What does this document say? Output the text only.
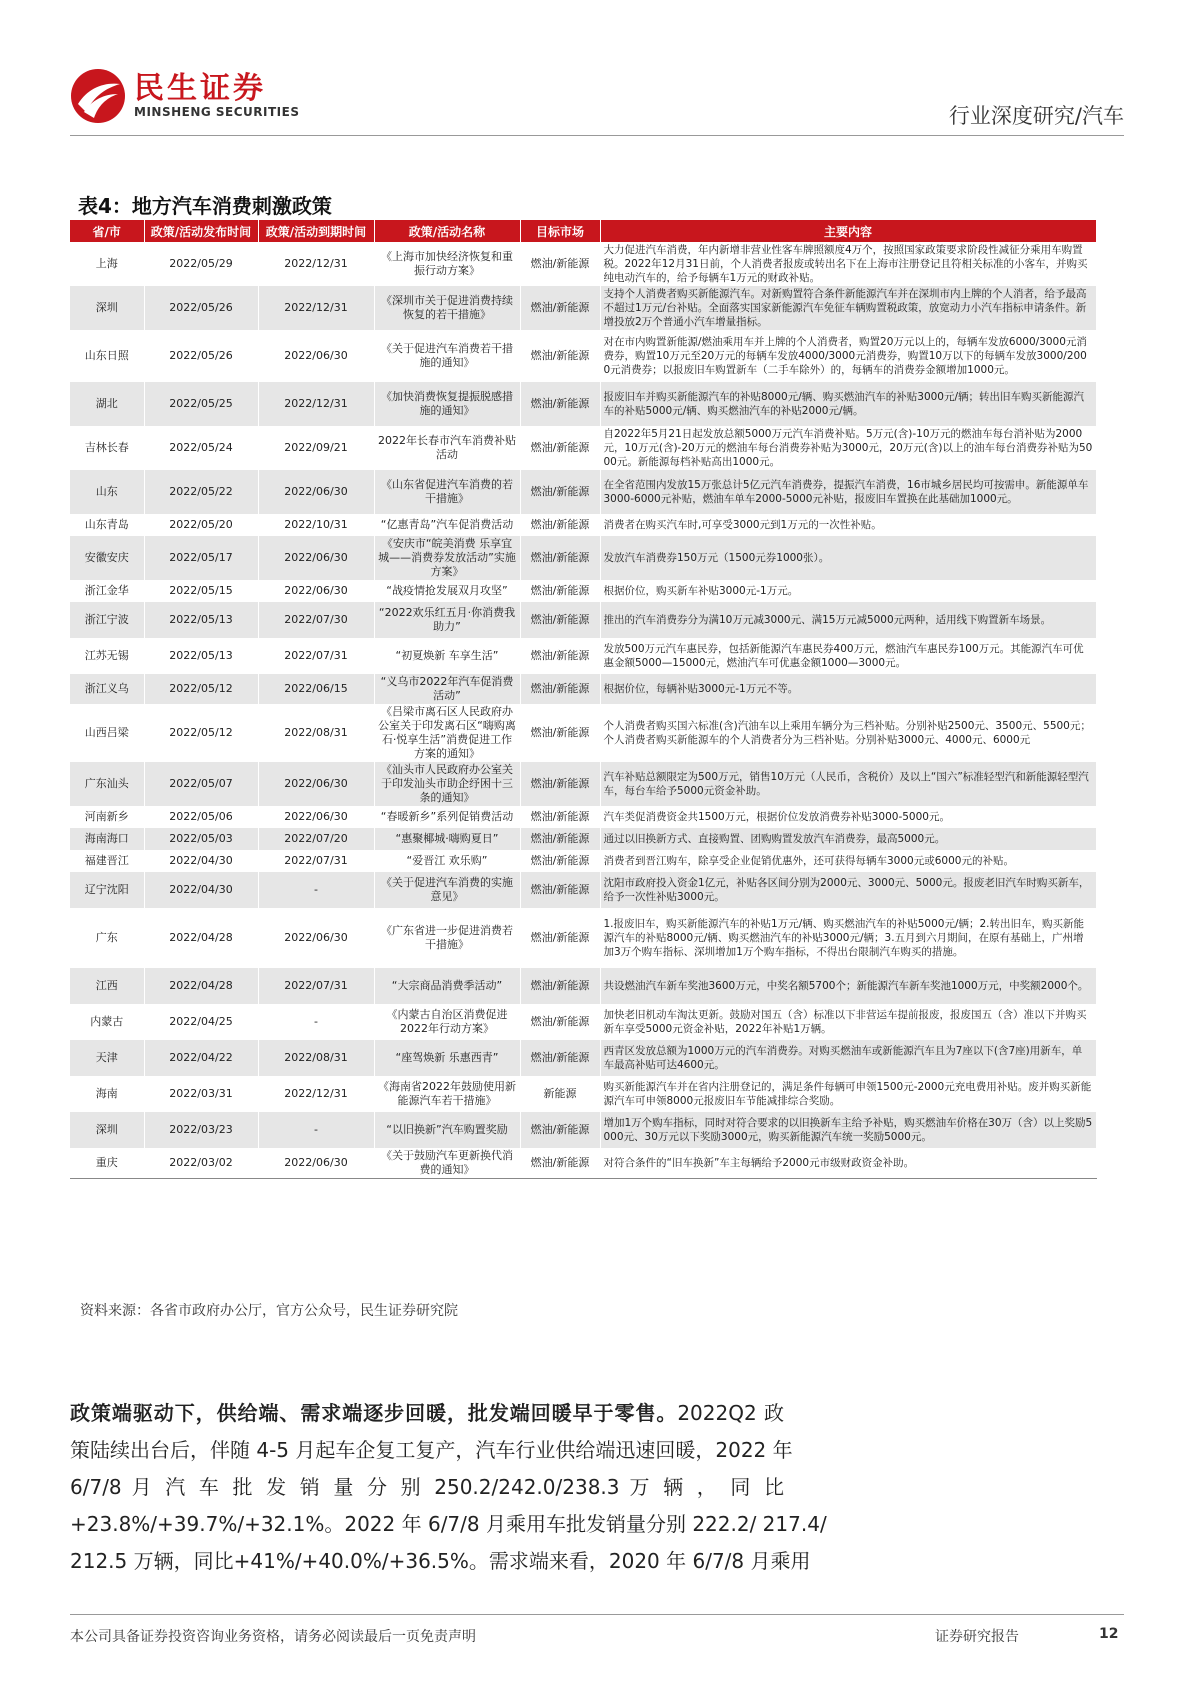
民生证券
MINSHENG SECURITIES	行业深度研究/汽车
表4：地方汽车消费刺激政策
省/市	政策/活动发布时间	政策/活动到期时间	政策/活动名称	目标市场	主要内容
上海	2022/05/29	2022/12/31	《上海市加快经济恢复和重振行动方案》	燃油/新能源	大力促进汽车消费，年内新增非营业性客车牌照额度4万个，按照国家政策要求阶段性减征分乘用车购置税。2022年12月31日前，个人消费者报废或转出名下在上海市注册登记且符相关标准的小客车，并购买纯电动汽车的，给予每辆车1万元的财政补贴。
深圳	2022/05/26	2022/12/31	《深圳市关于促进消费持续恢复的若干措施》	燃油/新能源	支持个人消费者购买新能源汽车。对新购置符合条件新能源汽车并在深圳市内上牌的个人消者，给予最高不超过1万元/台补贴。全面落实国家新能源汽车免征车辆购置税政策，放宽动力小汽车指标申请条件。新增投放2万个普通小汽车增量指标。
山东日照	2022/05/26	2022/06/30	《关于促进汽车消费若干措施的通知》	燃油/新能源	对在市内购置新能源/燃油乘用车并上牌的个人消费者，购置20万元以上的，每辆车发放6000/3000元消费券，购置10万元至20万元的每辆车发放4000/3000元消费券，购置10万以下的每辆车发放3000/2000元消费券；以报废旧车购置新车（二手车除外）的，每辆车的消费券金额增加1000元。
湖北	2022/05/25	2022/12/31	《加快消费恢复提振脱感措施的通知》	燃油/新能源	报废旧车并购买新能源汽车的补贴8000元/辆、购买燃油汽车的补贴3000元/辆；转出旧车购买新能源汽车的补贴5000元/辆、购买燃油汽车的补贴2000元/辆。
吉林长春	2022/05/24	2022/09/21	2022年长春市汽车消费补贴活动	燃油/新能源	自2022年5月21日起发放总额5000万元汽车消费补贴。5万元(含)-10万元的燃油车每台消补贴为2000元，10万元(含)-20万元的燃油车每台消费券补贴为3000元，20万元(含)以上的油车每台消费券补贴为5000元。新能源每档补贴高出1000元。
山东	2022/05/22	2022/06/30	《山东省促进汽车消费的若干措施》	燃油/新能源	在全省范围内发放15万张总计5亿元汽车消费券，提振汽车消费，16市城乡居民均可按需申。新能源单车3000-6000元补贴，燃油车单车2000-5000元补贴，报废旧车置换在此基础加1000元。
山东青岛	2022/05/20	2022/10/31	“亿惠青岛”汽车促消费活动	燃油/新能源	消费者在购买汽车时,可享受3000元到1万元的一次性补贴。
安徽安庆	2022/05/17	2022/06/30	《安庆市“皖美消费 乐享宜城——消费券发放活动”实施方案》	燃油/新能源	发放汽车消费券150万元（1500元券1000张）。
浙江金华	2022/05/15	2022/06/30	“战疫情抢发展双月攻坚”	燃油/新能源	根据价位，购买新车补贴3000元-1万元。
浙江宁波	2022/05/13	2022/07/30	“2022欢乐红五月·你消费我助力”	燃油/新能源	推出的汽车消费券分为满10万元减3000元、满15万元减5000元两种，适用线下购置新车场景。
江苏无锡	2022/05/13	2022/07/31	“初夏焕新 车享生活”	燃油/新能源	发放500万元汽车惠民券，包括新能源汽车惠民券400万元，燃油汽车惠民券100万元。其能源汽车可优惠金额5000—15000元，燃油汽车可优惠金额1000—3000元。
浙江义乌	2022/05/12	2022/06/15	“义乌市2022年汽车促消费活动”	燃油/新能源	根据价位，每辆补贴3000元-1万元不等。
山西吕梁	2022/05/12	2022/08/31	《吕梁市离石区人民政府办公室关于印发离石区“嗨购离石·悦享生活”消费促进工作方案的通知》	燃油/新能源	个人消费者购买国六标准(含)汽油车以上乘用车辆分为三档补贴。分别补贴2500元、3500元、5500元；个人消费者购买新能源车的个人消费者分为三档补贴。分别补贴3000元、4000元、6000元
广东汕头	2022/05/07	2022/06/30	《汕头市人民政府办公室关于印发汕头市助企纾困十三条的通知》	燃油/新能源	汽车补贴总额限定为500万元，销售10万元（人民币，含税价）及以上“国六”标准轻型汽和新能源轻型汽车，每台车给予5000元资金补助。
河南新乡	2022/05/06	2022/06/30	“春暖新乡”系列促销费活动	燃油/新能源	汽车类促消费资金共1500万元，根据价位发放消费券补贴3000-5000元。
海南海口	2022/05/03	2022/07/20	“惠聚椰城·嗨购夏日”	燃油/新能源	通过以旧换新方式、直接购置、团购购置发放汽车消费券，最高5000元。
福建晋江	2022/04/30	2022/07/31	“爱晋江 欢乐购”	燃油/新能源	消费者到晋江购车，除享受企业促销优惠外，还可获得每辆车3000元或6000元的补贴。
辽宁沈阳	2022/04/30	-	《关于促进汽车消费的实施意见》	燃油/新能源	沈阳市政府投入资金1亿元，补贴各区间分别为2000元、3000元、5000元。报废老旧汽车时购买新车，给予一次性补贴3000元。
广东	2022/04/28	2022/06/30	《广东省进一步促进消费若干措施》	燃油/新能源	1.报废旧车，购买新能源汽车的补贴1万元/辆、购买燃油汽车的补贴5000元/辆；2.转出旧车，购买新能源汽车的补贴8000元/辆、购买燃油汽车的补贴3000元/辆；3.五月到六月期间，在原有基础上，广州增加3万个购车指标、深圳增加1万个购车指标，不得出台限制汽车购买的措施。
江西	2022/04/28	2022/07/31	“大宗商品消费季活动”	燃油/新能源	共设燃油汽车新车奖池3600万元，中奖名额5700个；新能源汽车新车奖池1000万元，中奖额2000个。
内蒙古	2022/04/25	-	《内蒙古自治区消费促进2022年行动方案》	燃油/新能源	加快老旧机动车淘汰更新。鼓励对国五（含）标准以下非营运车提前报废，报废国五（含）准以下并购买新车享受5000元资金补贴，2022年补贴1万辆。
天津	2022/04/22	2022/08/31	“座驾焕新 乐惠西青”	燃油/新能源	西青区发放总额为1000万元的汽车消费券。对购买燃油车或新能源汽车且为7座以下(含7座)用新车，单车最高补贴可达4600元。
海南	2022/03/31	2022/12/31	《海南省2022年鼓励使用新能源汽车若干措施》	新能源	购买新能源汽车并在省内注册登记的，满足条件每辆可申领1500元-2000元充电费用补贴。废并购买新能源汽车可申领8000元报废旧车节能减排综合奖励。
深圳	2022/03/23	-	“以旧换新”汽车购置奖励	燃油/新能源	增加1万个购车指标，同时对符合要求的以旧换新车主给予补贴，购买燃油车价格在30万（含）以上奖励5000元、30万元以下奖励3000元，购买新能源汽车统一奖励5000元。
重庆	2022/03/02	2022/06/30	《关于鼓励汽车更新换代消费的通知》	燃油/新能源	对符合条件的“旧车换新”车主每辆给予2000元市级财政资金补助。
资料来源：各省市政府办公厅，官方公众号，民生证券研究院
政策端驱动下，供给端、需求端逐步回暖，批发端回暖早于零售。2022Q2 政
策陆续出台后，伴随 4-5 月起车企复工复产，汽车行业供给端迅速回暖，2022 年
6/7/8 月 汽 车 批 发 销 量 分 别 250.2/242.0/238.3 万 辆 ， 同 比
+23.8%/+39.7%/+32.1%。2022 年 6/7/8 月乘用车批发销量分别 222.2/ 217.4/
212.5 万辆，同比+41%/+40.0%/+36.5%。需求端来看，2020 年 6/7/8 月乘用
本公司具备证券投资咨询业务资格，请务必阅读最后一页免责声明	证券研究报告	12
